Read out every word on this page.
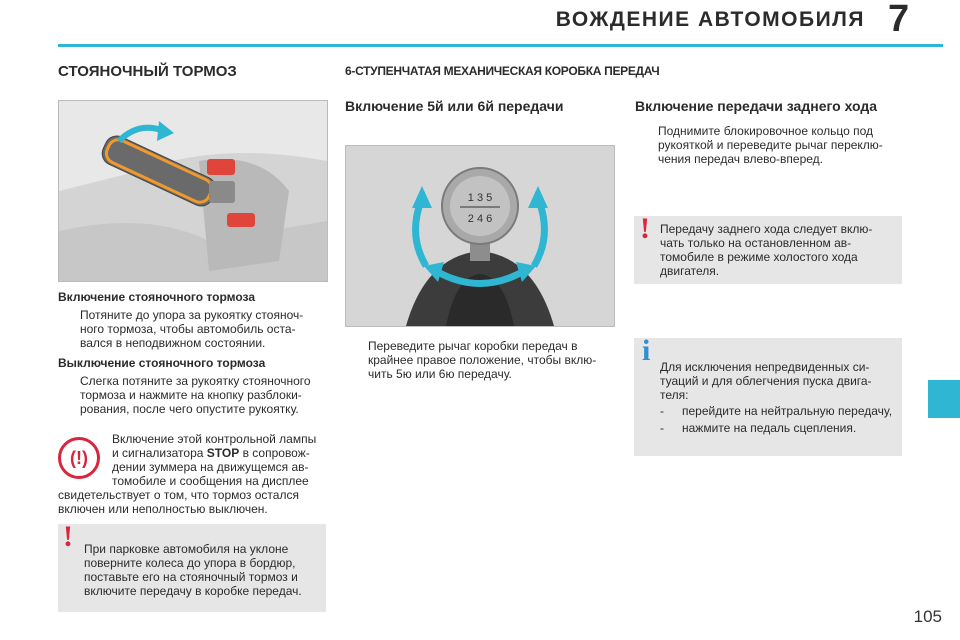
ВОЖДЕНИЕ АВТОМОБИЛЯ 7
СТОЯНОЧНЫЙ ТОРМОЗ
Включение стояночного тормоза
Потяните до упора за рукоятку стояноч-
ного тормоза, чтобы автомобиль оста-
вался в неподвижном состоянии.
Выключение стояночного тормоза
Слегка потяните за рукоятку стояночного
тормоза и нажмите на кнопку разблоки-
рования, после чего опустите рукоятку.
(!)
Включение этой контрольной лампы
и сигнализатора STOP в сопровож-
дении зуммера на движущемся ав-
томобиле и сообщения на дисплее
свидетельствует о том, что тормоз остался
включен или неполностью выключен.
! При парковке автомобиля на уклоне
поверните колеса до упора в бордюр,
поставьте его на стояночный тормоз и
включите передачу в коробке передач.
6-СТУПЕНЧАТАЯ МЕХАНИЧЕСКАЯ КОРОБКА ПЕРЕДАЧ
Включение 5й или 6й передачи
1 3 5
2 4 6
Переведите рычаг коробки передач в
крайнее правое положение, чтобы вклю-
чить 5ю или 6ю передачу.
Включение передачи заднего хода
Поднимите блокировочное кольцо под
рукояткой и переведите рычаг переклю-
чения передач влево-вперед.
! Передачу заднего хода следует вклю-
чать только на остановленном ав-
томобиле в режиме холостого хода
двигателя.
i Для исключения непредвиденных си-
туаций и для облегчения пуска двига-
теля:
- перейдите на нейтральную передачу,
- нажмите на педаль сцепления.
105
